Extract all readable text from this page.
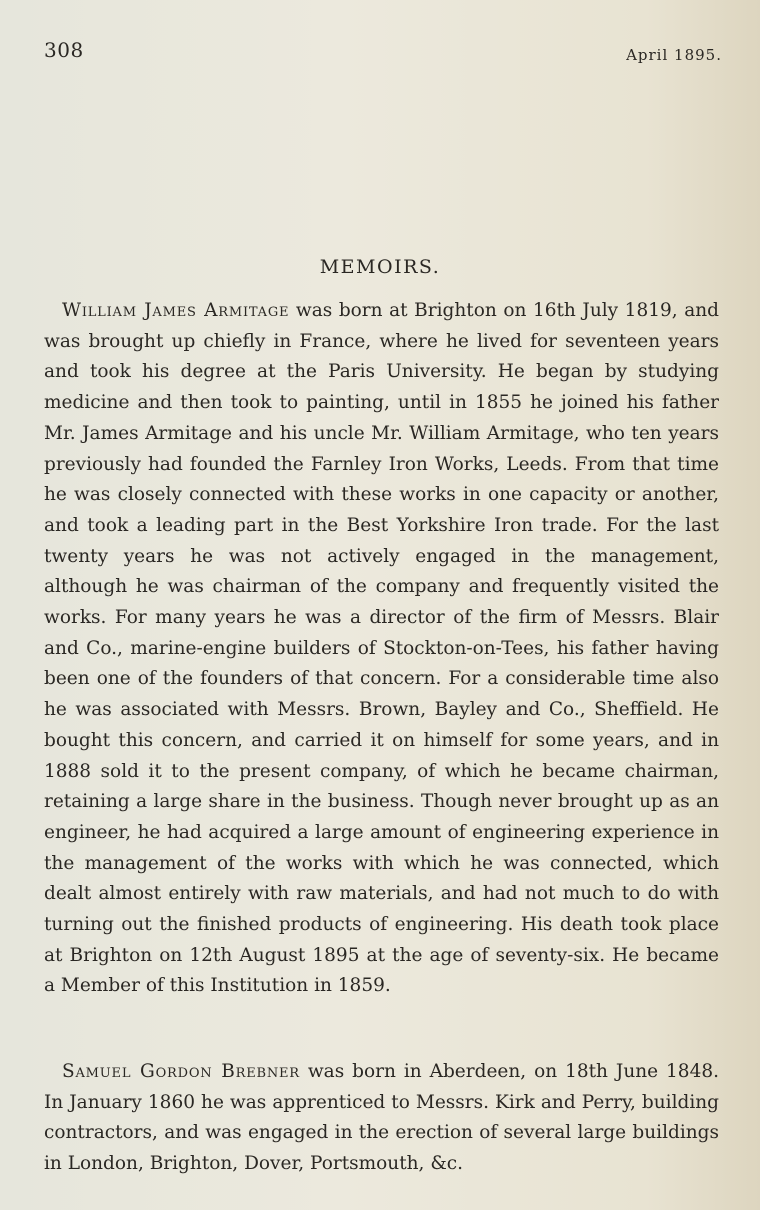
308	April 1895.
MEMOIRS.

William James Armitage was born at Brighton on 16th July 1819, and was brought up chiefly in France, where he lived for seventeen years and took his degree at the Paris University. He began by studying medicine and then took to painting, until in 1855 he joined his father Mr. James Armitage and his uncle Mr. William Armitage, who ten years previously had founded the Farnley Iron Works, Leeds. From that time he was closely connected with these works in one capacity or another, and took a leading part in the Best Yorkshire Iron trade. For the last twenty years he was not actively engaged in the management, although he was chairman of the company and frequently visited the works. For many years he was a director of the firm of Messrs. Blair and Co., marine-engine builders of Stockton-on-Tees, his father having been one of the founders of that concern. For a considerable time also he was associated with Messrs. Brown, Bayley and Co., Sheffield. He bought this concern, and carried it on himself for some years, and in 1888 sold it to the present company, of which he became chairman, retaining a large share in the business. Though never brought up as an engineer, he had acquired a large amount of engineering experience in the management of the works with which he was connected, which dealt almost entirely with raw materials, and had not much to do with turning out the finished products of engineering. His death took place at Brighton on 12th August 1895 at the age of seventy-six. He became a Member of this Institution in 1859.

Samuel Gordon Brebner was born in Aberdeen, on 18th June 1848. In January 1860 he was apprenticed to Messrs. Kirk and Perry, building contractors, and was engaged in the erection of several large buildings in London, Brighton, Dover, Portsmouth, &c.
